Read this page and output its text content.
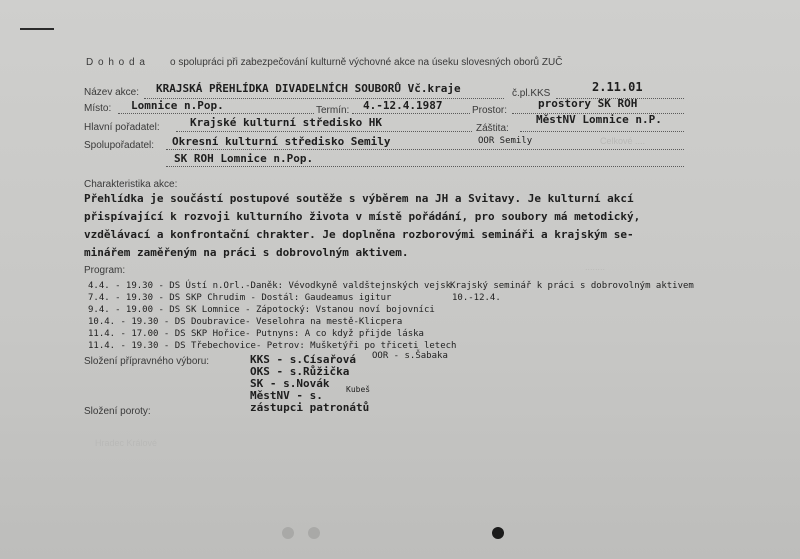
Celkové ....
........
Hradec Králové
D o h o d a o spolupráci při zabezpečování kulturně výchovné akce na úseku slovesných oborů ZUČ
Název akce: KRAJSKÁ PŘEHLÍDKA DIVADELNÍCH SOUBORŮ Vč.kraje	č.pl.KKS	2.11.01
Místo: Lomnice n.Pop.	Termín: 4.-12.4.1987	Prostor:
prostory SK ROH
Hlavní pořadatel:	Krajské kulturní středisko HK	Záštita:
MěstNV Lomnice n.P.
Spolupořadatel: Okresní kulturní středisko Semily	OOR Semily
SK ROH Lomnice n.Pop.
Charakteristika akce:
Přehlídka je součástí postupové soutěže s výběrem na JH a Svitavy. Je kulturní akcí
přispívající k rozvoji kulturního života v místě pořádání, pro soubory má metodický,
vzdělávací a konfrontační chrakter. Je doplněna rozborovými semináři a krajským se-
minářem zaměřeným na práci s dobrovolným aktivem.
Program:
4.4. - 19.30 - DS Ústí n.Orl.-Daněk: Vévodkyně valdštejnských vejsk
7.4. - 19.30 - DS SKP Chrudim - Dostál: Gaudeamus igitur
9.4. - 19.00 - DS SK Lomnice - Zápotocký: Vstanou noví bojovníci
10.4. - 19.30 - DS Doubravice- Veselohra na mestě-Klicpera
11.4. - 17.00 - DS SKP Hořice- Putnyns: A co když přijde láska
11.4. - 19.30 - DS Třebechovice- Petrov: Mušketýři po třiceti letech
Krajský seminář k práci s dobrovolným aktivem
10.-12.4.
Složení přípravného výboru:	KKS - s.Císařová OOR - s.Šabaka
OKS - s.Růžička
SK - s.Novák
MěstNV - s.	Kubeš
zástupci patronátů
Složení poroty:
